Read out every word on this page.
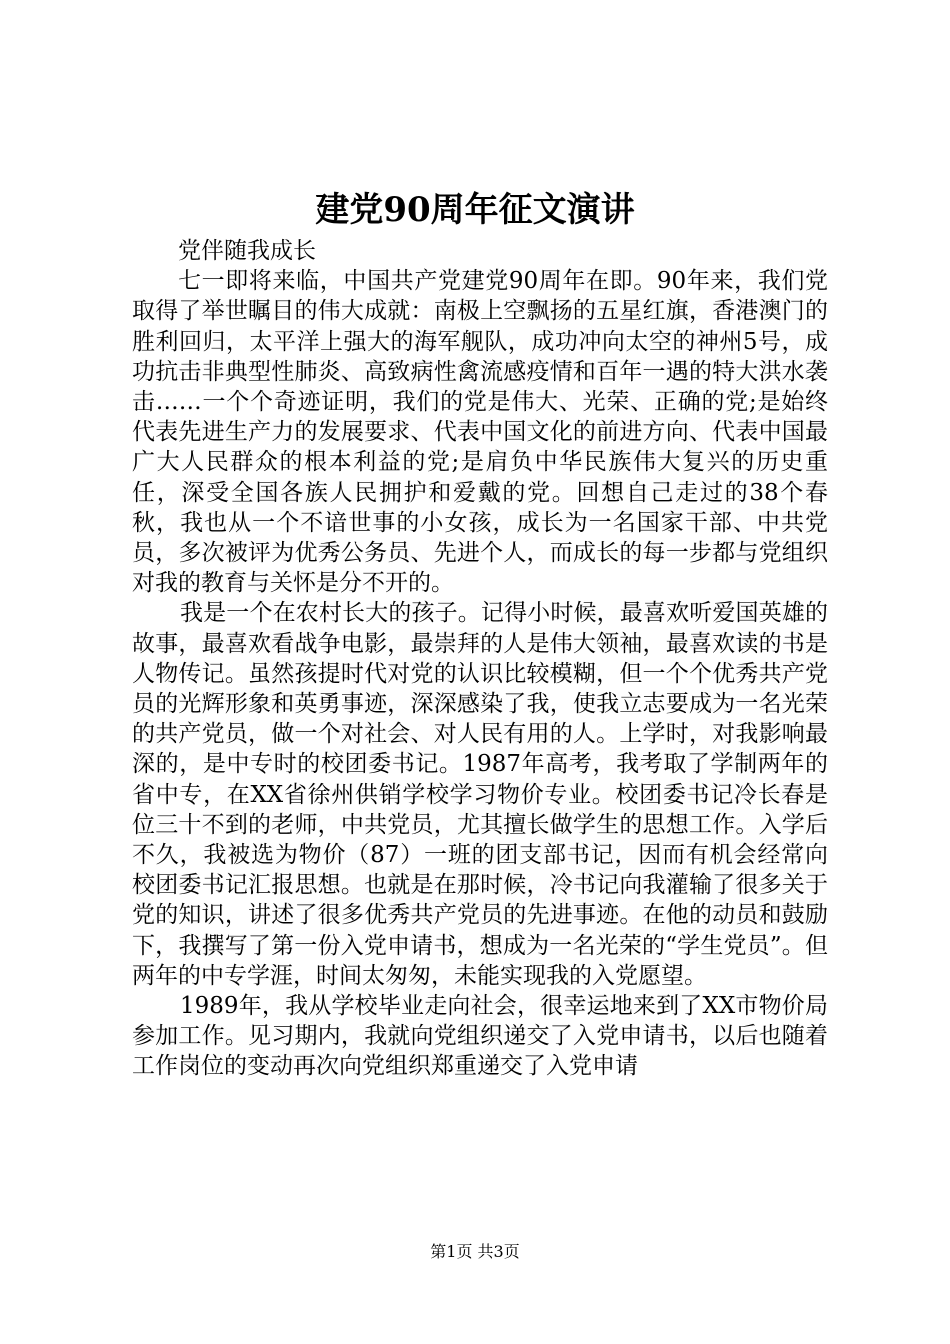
建党90周年征文演讲

党伴随我成长

七一即将来临，中国共产党建党90周年在即。90年来，我们党取得了举世瞩目的伟大成就：南极上空飘扬的五星红旗，香港澳门的胜利回归，太平洋上强大的海军舰队，成功冲向太空的神州5号，成功抗击非典型性肺炎、高致病性禽流感疫情和百年一遇的特大洪水袭击……一个个奇迹证明，我们的党是伟大、光荣、正确的党;是始终代表先进生产力的发展要求、代表中国文化的前进方向、代表中国最广大人民群众的根本利益的党;是肩负中华民族伟大复兴的历史重任，深受全国各族人民拥护和爱戴的党。回想自己走过的38个春秋，我也从一个不谙世事的小女孩，成长为一名国家干部、中共党员，多次被评为优秀公务员、先进个人，而成长的每一步都与党组织对我的教育与关怀是分不开的。

我是一个在农村长大的孩子。记得小时候，最喜欢听爱国英雄的故事，最喜欢看战争电影，最崇拜的人是伟大领袖，最喜欢读的书是人物传记。虽然孩提时代对党的认识比较模糊，但一个个优秀共产党员的光辉形象和英勇事迹，深深感染了我，使我立志要成为一名光荣的共产党员，做一个对社会、对人民有用的人。上学时，对我影响最深的，是中专时的校团委书记。1987年高考，我考取了学制两年的省中专，在XX省徐州供销学校学习物价专业。校团委书记冷长春是位三十不到的老师，中共党员，尤其擅长做学生的思想工作。入学后不久，我被选为物价（87）一班的团支部书记，因而有机会经常向校团委书记汇报思想。也就是在那时候，冷书记向我灌输了很多关于党的知识，讲述了很多优秀共产党员的先进事迹。在他的动员和鼓励下，我撰写了第一份入党申请书，想成为一名光荣的“学生党员”。但两年的中专学涯，时间太匆匆，未能实现我的入党愿望。

1989年，我从学校毕业走向社会，很幸运地来到了XX市物价局参加工作。见习期内，我就向党组织递交了入党申请书，以后也随着工作岗位的变动再次向党组织郑重递交了入党申请

第1页 共3页
